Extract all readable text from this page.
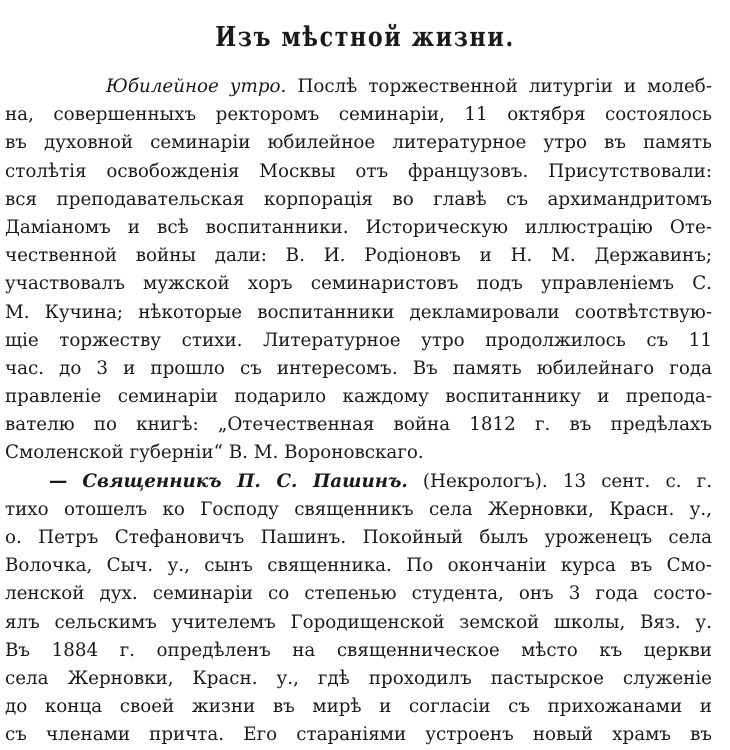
Изъ мѣстной жизни.
Юбилейное утро. Послѣ торжественной литургіи и молеб-
на, совершенныхъ ректоромъ семинаріи, 11 октября состоялось
въ духовной семинаріи юбилейное литературное утро въ память
столѣтія освобожденія Москвы отъ французовъ. Присутствовали:
вся преподавательская корпорація во главѣ съ архимандритомъ
Даміаномъ и всѣ воспитанники. Историческую иллюстрацію Оте-
чественной войны дали: В. И. Родіоновъ и Н. М. Державинъ;
участвовалъ мужской хоръ семинаристовъ подъ управленіемъ С.
М. Кучина; нѣкоторые воспитанники декламировали соотвѣтствую-
щіе торжеству стихи. Литературное утро продолжилось съ 11
час. до 3 и прошло съ интересомъ. Въ память юбилейнаго года
правленіе семинаріи подарило каждому воспитаннику и препода-
вателю по книгѣ: „Отечественная война 1812 г. въ предѣлахъ
Смоленской губерніи“ В. М. Вороновскаго.
— Священникъ П. С. Пашинъ. (Некрологъ). 13 сент. с. г.
тихо отошелъ ко Господу священникъ села Жерновки, Красн. у.,
о. Петръ Стефановичъ Пашинъ. Покойный былъ уроженецъ села
Волочка, Сыч. у., сынъ священника. По окончаніи курса въ Смо-
ленской дух. семинаріи со степенью студента, онъ 3 года состо-
ялъ сельскимъ учителемъ Городищенской земской школы, Вяз. у.
Въ 1884 г. опредѣленъ на священническое мѣсто къ церкви
села Жерновки, Красн. у., гдѣ проходилъ пастырское служеніе
до конца своей жизни въ мирѣ и согласіи съ прихожанами и
съ членами причта. Его стараніями устроенъ новый храмъ въ
